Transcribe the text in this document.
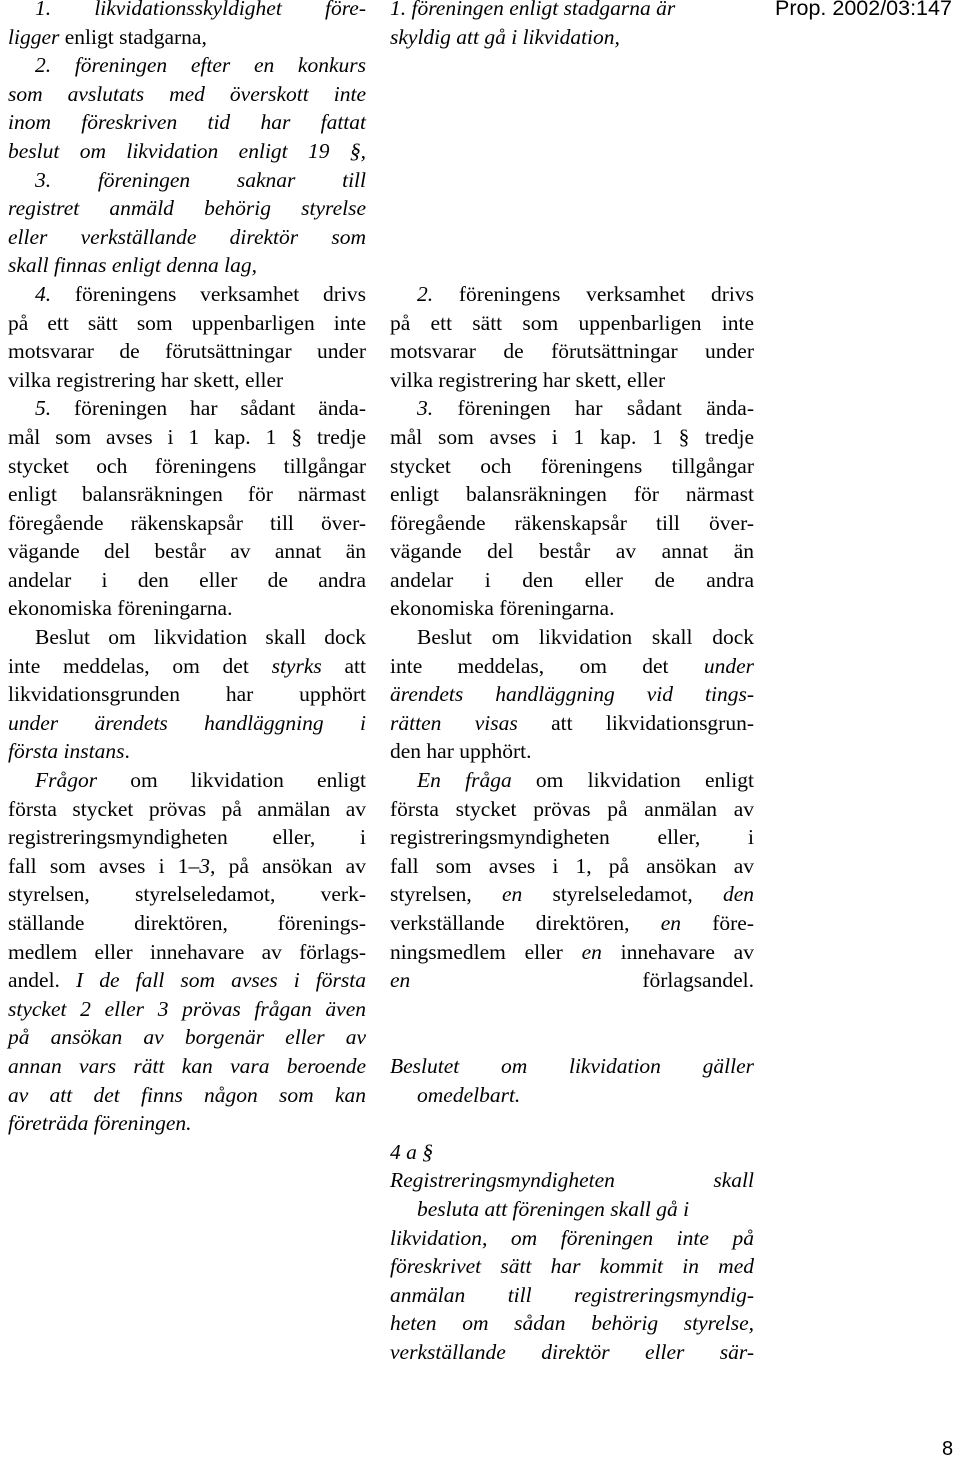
Prop. 2002/03:147
1. likvidationsskyldighet före-
ligger enligt stadgarna,
2. föreningen efter en konkurs
som avslutats med överskott inte
inom föreskriven tid har fattat
beslut om likvidation enligt 19 §,
3. föreningen saknar till
registret anmäld behörig styrelse
eller verkställande direktör som
skall finnas enligt denna lag,
4. föreningens verksamhet drivs
på ett sätt som uppenbarligen inte
motsvarar de förutsättningar under
vilka registrering har skett, eller
5. föreningen har sådant ända-
mål som avses i 1 kap. 1 § tredje
stycket och föreningens tillgångar
enligt balansräkningen för närmast
föregående räkenskapsår till över-
vägande del består av annat än
andelar i den eller de andra
ekonomiska föreningarna.
Beslut om likvidation skall dock
inte meddelas, om det styrks att
likvidationsgrunden har upphört
under ärendets handläggning i
första instans.
Frågor om likvidation enligt
första stycket prövas på anmälan av
registreringsmyndigheten eller, i
fall som avses i 1–3, på ansökan av
styrelsen, styrelseledamot, verk-
ställande direktören, förenings-
medlem eller innehavare av förlags-
andel. I de fall som avses i första
stycket 2 eller 3 prövas frågan även
på ansökan av borgenär eller av
annan vars rätt kan vara beroende
av att det finns någon som kan
företräda föreningen.
1. föreningen enligt stadgarna är
skyldig att gå i likvidation,
2. föreningens verksamhet drivs
på ett sätt som uppenbarligen inte
motsvarar de förutsättningar under
vilka registrering har skett, eller
3. föreningen har sådant ända-
mål som avses i 1 kap. 1 § tredje
stycket och föreningens tillgångar
enligt balansräkningen för närmast
föregående räkenskapsår till över-
vägande del består av annat än
andelar i den eller de andra
ekonomiska föreningarna.
Beslut om likvidation skall dock
inte meddelas, om det under
ärendets handläggning vid tings-
rätten visas att likvidationsgrun-
den har upphört.
En fråga om likvidation enligt
första stycket prövas på anmälan av
registreringsmyndigheten eller, i
fall som avses i 1, på ansökan av
styrelsen, en styrelseledamot, den
verkställande direktören, en före-
ningsmedlem eller en innehavare av
en förlagsandel.
Beslutet om likvidation gäller
omedelbart.
4 a §
Registreringsmyndigheten skall
besluta att föreningen skall gå i
likvidation, om föreningen inte på
föreskrivet sätt har kommit in med
anmälan till registreringsmyndig-
heten om sådan behörig styrelse,
verkställande direktör eller sär-
8
